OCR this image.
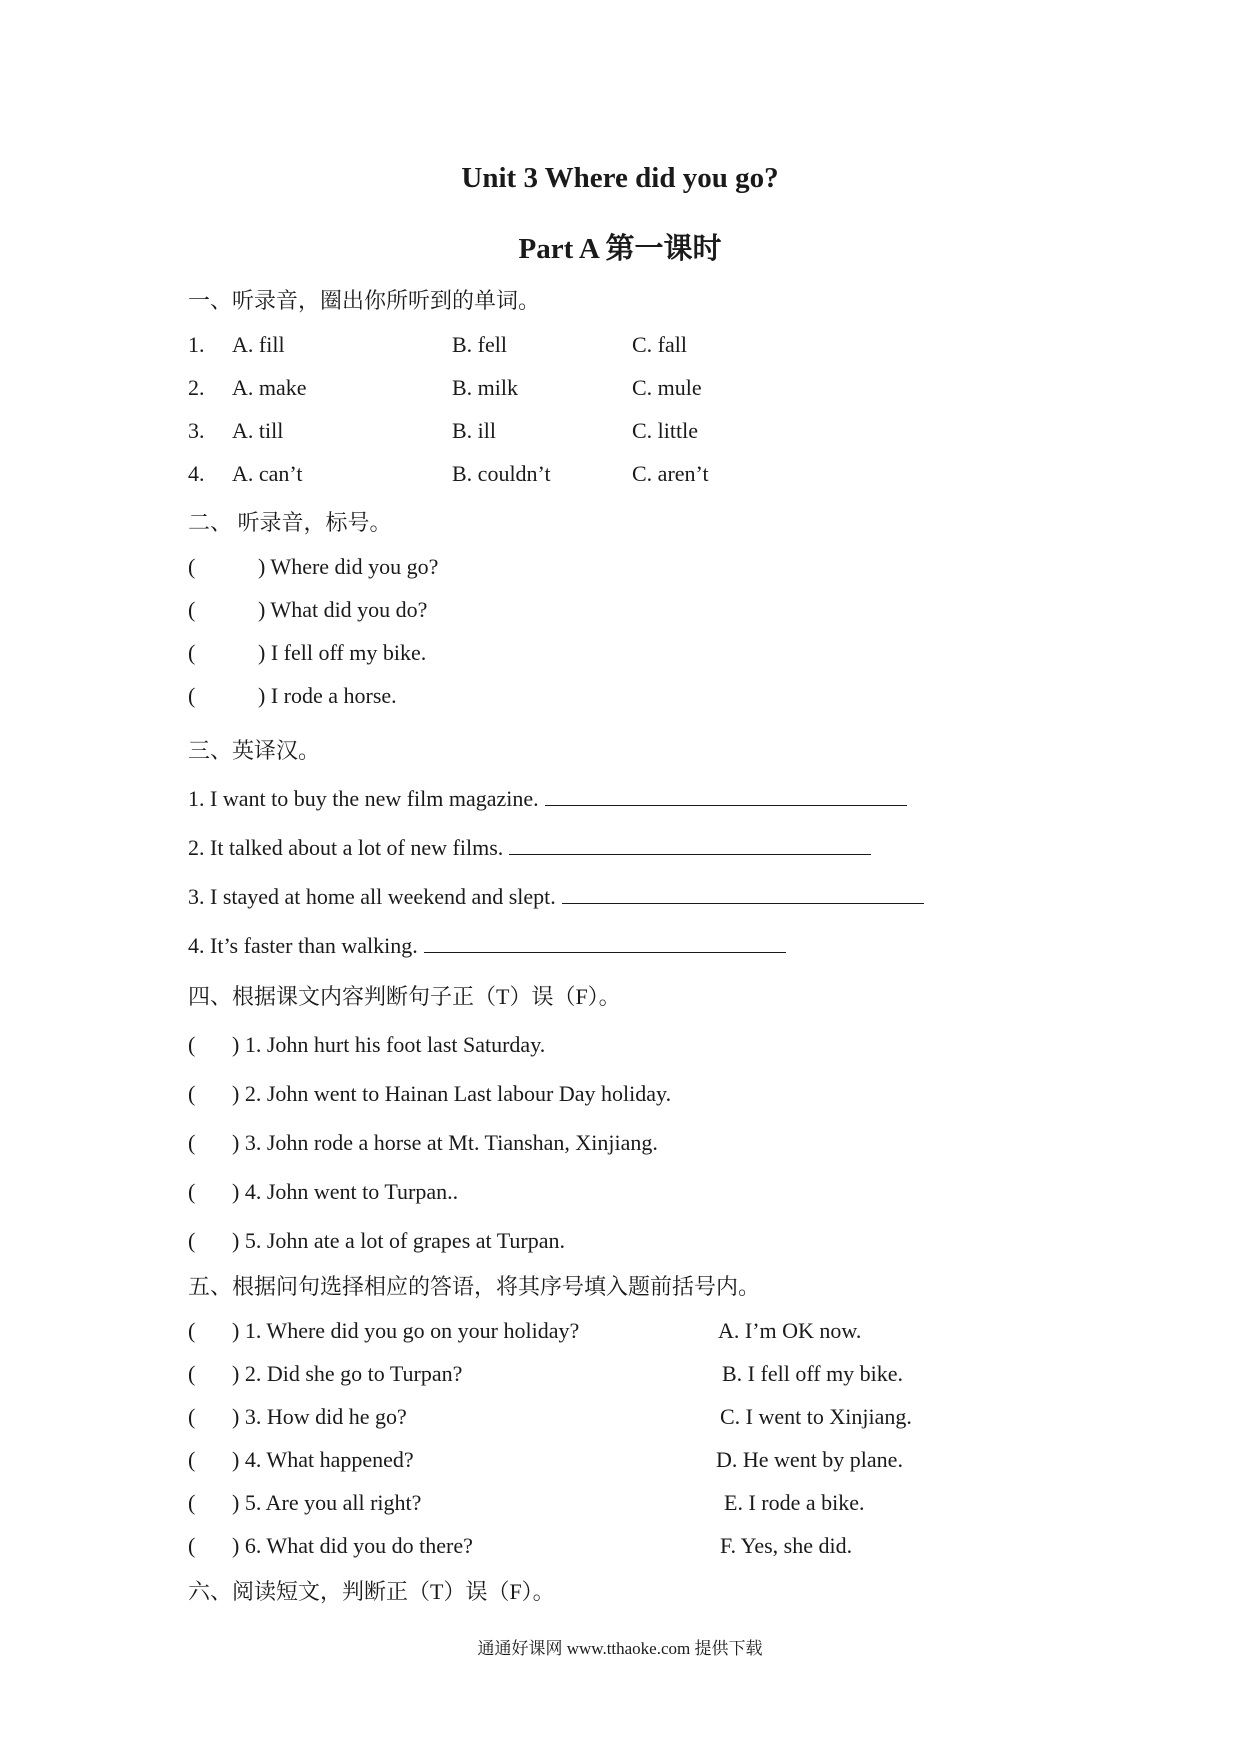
Unit 3 Where did you go?
Part A 第一课时
一、听录音，圈出你所听到的单词。
1. A. fill	B. fell	C. fall
2. A. make	B. milk	C. mule
3. A. till	B. ill	C. little
4. A. can’t	B. couldn’t	C. aren’t
二、 听录音，标号。
(	) Where did you go?
(	) What did you do?
(	) I fell off my bike.
(	) I rode a horse.
三、英译汉。
1. I want to buy the new film magazine.
2. It talked about a lot of new films.
3. I stayed at home all weekend and slept.
4. It’s faster than walking.
四、根据课文内容判断句子正（T）误（F）。
( ) 1. John hurt his foot last Saturday.
( ) 2. John went to Hainan Last labour Day holiday.
( ) 3. John rode a horse at Mt. Tianshan, Xinjiang.
( ) 4. John went to Turpan..
( ) 5. John ate a lot of grapes at Turpan.
五、根据问句选择相应的答语，将其序号填入题前括号内。
( ) 1. Where did you go on your holiday?	A. I’m OK now.
( ) 2. Did she go to Turpan?	B. I fell off my bike.
( ) 3. How did he go?	C. I went to Xinjiang.
( ) 4. What happened?	D. He went by plane.
( ) 5. Are you all right?	E. I rode a bike.
( ) 6. What did you do there?	F. Yes, she did.
六、阅读短文，判断正（T）误（F）。
通通好课网 www.tthaoke.com 提供下载
